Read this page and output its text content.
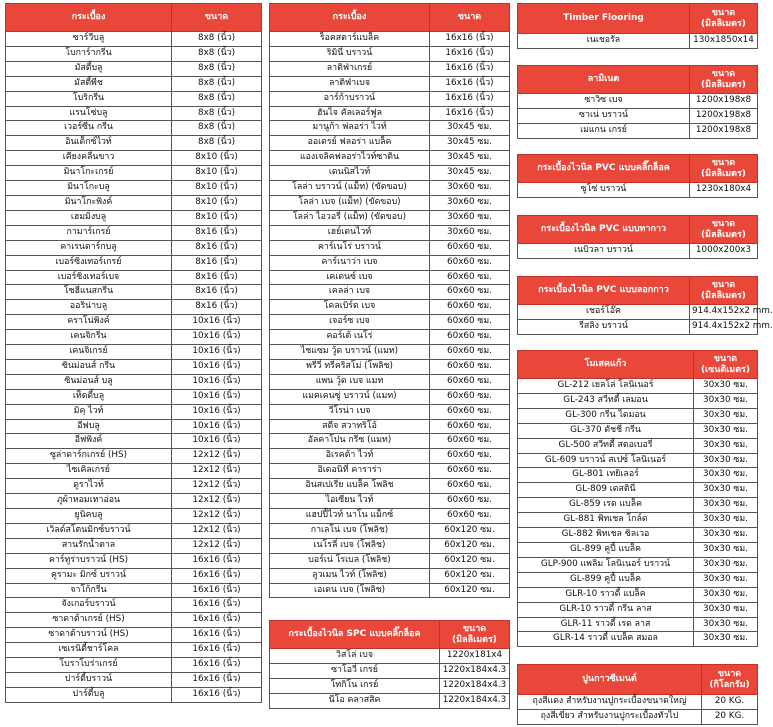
กระเบื้อง	ขนาด
ซาร์วีบลู	8x8 (นิ้ว)
โบการ์ากรีน	8x8 (นิ้ว)
มัสตี้บลู	8x8 (นิ้ว)
มัสตี้พีช	8x8 (นิ้ว)
โบริกรีน	8x8 (นิ้ว)
แรนโซ่บลู	8x8 (นิ้ว)
เวอร์ซีน กรีน	8x8 (นิ้ว)
อินเด็กซ์ไวท์	8x8 (นิ้ว)
เคียงคลื่นขาว	8x10 (นิ้ว)
มินาโกะเกรย์	8x10 (นิ้ว)
มินาโกะบลู	8x10 (นิ้ว)
มินาโกะพิงค์	8x10 (นิ้ว)
เฮมมิ่งบลู	8x10 (นิ้ว)
กามาร์เกรย์	8x16 (นิ้ว)
คาเรนดาร์กบลู	8x16 (นิ้ว)
เบอร์ซิ่งเทอร์เกรย์	8x16 (นิ้ว)
เบอร์ซิ่งเทอร์เบจ	8x16 (นิ้ว)
โซฮีแนสกรีน	8x16 (นิ้ว)
ออริน่าบลู	8x16 (นิ้ว)
คราโน่พิงค์	10x16 (นิ้ว)
เคนจิกรีน	10x16 (นิ้ว)
เคนจิเกรย์	10x16 (นิ้ว)
ซินม่อนส์ กรีน	10x16 (นิ้ว)
ซินม่อนส์ บลู	10x16 (นิ้ว)
เท็ดดี้บลู	10x16 (นิ้ว)
มิคุ ไวท์	10x16 (นิ้ว)
อีฟบลู	10x16 (นิ้ว)
อีฟพิงค์	10x16 (นิ้ว)
ซูล่าดาร์กเกรย์ (HS)	12x12 (นิ้ว)
ไซเคิลเกรย์	12x12 (นิ้ว)
ดูราไวท์	12x12 (นิ้ว)
ภูผ้าหอมเทาอ่อน	12x12 (นิ้ว)
ยูนิคบลู	12x12 (นิ้ว)
เวิลด์สโตนมิกซ์บราวน์	12x12 (นิ้ว)
สานรักน้ำตาล	12x12 (นิ้ว)
คาร์ทูร่าบราวน์ (HS)	16x16 (นิ้ว)
คูรามะ มิกซ์ บราวน์	16x16 (นิ้ว)
จาโก้กรีน	16x16 (นิ้ว)
จังเกอร์บราวน์	16x16 (นิ้ว)
ซาดาต้าเกรย์ (HS)	16x16 (นิ้ว)
ซาดาต้าบราวน์ (HS)	16x16 (นิ้ว)
เซเรนิตี้ชาร์โคล	16x16 (นิ้ว)
โบราโบร่าเกรย์	16x16 (นิ้ว)
ปาร์ตี้บราวน์	16x16 (นิ้ว)
ปาร์ตี้บลู	16x16 (นิ้ว)
กระเบื้อง	ขนาด
ร็อคสตาร์แบล็ค	16x16 (นิ้ว)
ริมินี่ บราวน์	16x16 (นิ้ว)
ลาติฟ่าเกรย์	16x16 (นิ้ว)
ลาติฟ่าเบจ	16x16 (นิ้ว)
อาร์ก้าบราวน์	16x16 (นิ้ว)
ฮันไจ คัลเลอร์ฟูล	16x16 (นิ้ว)
มานูก้า ฟลอร่า ไวท์	30x45 ซม.
ออเดรย์ ฟลอร่า แบล็ค	30x45 ซม.
แองเจลิคฟลอร่าไวท์ซาติน	30x45 ซม.
เดนนิสไวท์	30x45 ซม.
โลล่า บราวน์ (แม็ท) (ขัดขอบ)	30x60 ซม.
โลล่า เบจ (แม็ท) (ขัดขอบ)	30x60 ซม.
โลล่า ไอวอรี่ (แม็ท) (ขัดขอบ)	30x60 ซม.
เฮย์เดนไวท์	30x60 ซม.
คาร์เนโร่ บราวน์	60x60 ซม.
คาร์เนาว่า เบจ	60x60 ซม.
เคเดนซ์ เบจ	60x60 ซม.
เคลล่า เบจ	60x60 ซม.
โคลเบิร์ด เบจ	60x60 ซม.
เจอร์ซ เบจ	60x60 ซม.
คอร์เต้ เนโร่	60x60 ซม.
ไชแซม วู้ด บราวน์ (แมท)	60x60 ซม.
พรีวี่ ทรีคริสโม่ (โพลิช)	60x60 ซม.
แพน วู้ด เบจ แมท	60x60 ซม.
แมคเคนซู่ บราวน์ (แมท)	60x60 ซม.
วีโรน่า เบจ	60x60 ซม.
สตีจ สวาทริโอ้	60x60 ซม.
อัลคาโปน กรีซ (แมท)	60x60 ซม.
อิเรคต้า ไวท์	60x60 ซม.
อิเดอนิที่ คาราร่า	60x60 ซม.
อินสเปเรีย แบล็ค โพลิช	60x60 ซม.
ไอเซียน ไวท์	60x60 ซม.
แฮปปี้ไวท์ นาโน แม็กซ์	60x60 ซม.
กาเลโน่ เบจ (โพลิช)	60x120 ซม.
เนโรลี่ เบจ (โพลิช)	60x120 ซม.
บอร์เน่ โรเบล (โพลิช)	60x120 ซม.
ลูวเมน ไวท์ (โพลิช)	60x120 ซม.
เอเดน เบจ (โพลิช)	60x120 ซม.
กระเบื้องไวนิล SPC แบบคลิ๊กล็อค	ขนาด (มิลลิเมตร)
วิสโล่ เบจ	1220x181x4
ซาโอวี่ เกรย์	1220x184x4.3
โทกิโน เกรย์	1220x184x4.3
นีโอ คลาสสิค	1220x184x4.3
Timber Flooring	ขนาด (มิลลิเมตร)
เนเชอรัล	130x1850x14
ลามิเนต	ขนาด (มิลลิเมตร)
ซาวิซ เบจ	1200x198x8
ซาเน่ บราวน์	1200x198x8
เมแกน เกรย์	1200x198x8
กระเบื้องไวนิล PVC แบบคลิ๊กล็อค	ขนาด (มิลลิเมตร)
ซูโซ่ บราวน์	1230x180x4
กระเบื้องไวนิล PVC แบบทากาว	ขนาด (มิลลิเมตร)
เนบิวลา บราวน์	1000x200x3
กระเบื้องไวนิล PVC แบบลอกกาว	ขนาด (มิลลิเมตร)
เชอร์โอ๊ค	914.4x152x2 mm.
รีสลิง บราวน์	914.4x152x2 mm.
โมเสคแก้ว	ขนาด (เซนติเมตร)
GL-212 เยลโล่ โลนิเนอร์	30x30 ซม.
GL-243 สวีทตี้ เลมอน	30x30 ซม.
GL-300 กรีน ไดมอน	30x30 ซม.
GL-370 ดัชชี่ กรีน	30x30 ซม.
GL-500 สวีทตี้ สตอเบอรี่	30x30 ซม.
GL-609 บราวน์ สเปซ์ โลนิเนอร์	30x30 ซม.
GL-801 เทยิเลอร์	30x30 ซม.
GL-809 เดสตินี่	30x30 ซม.
GL-859 เรด แบล็ค	30x30 ซม.
GL-881 พิทเชล โกล์ด	30x30 ซม.
GL-882 พิทเชล ซิลเวอ	30x30 ซม.
GL-899 คูปี้ แบล็ค	30x30 ซม.
GLP-900 แพลิ่ม โลนิเนอร์ บราวน์	30x30 ซม.
GL-899 คูปี้ แบล็ค	30x30 ซม.
GLR-10 ราวดี้ แบล็ค	30x30 ซม.
GLR-10 ราวดี้ กรีน ลาส	30x30 ซม.
GLR-11 ราวดี้ เรด ลาส	30x30 ซม.
GLR-14 ราวดี้ แบล็ค สมอล	30x30 ซม.
ปูนกาวซีเมนต์	ขนาด (กิโลกรัม)
ถุงสีแดง สำหรับงานปูกระเบื้องขนาดใหญ่	20 KG.
ถุงสีเขียว สำหรับงานปูกระเบื้องทั่วไป	20 KG.
